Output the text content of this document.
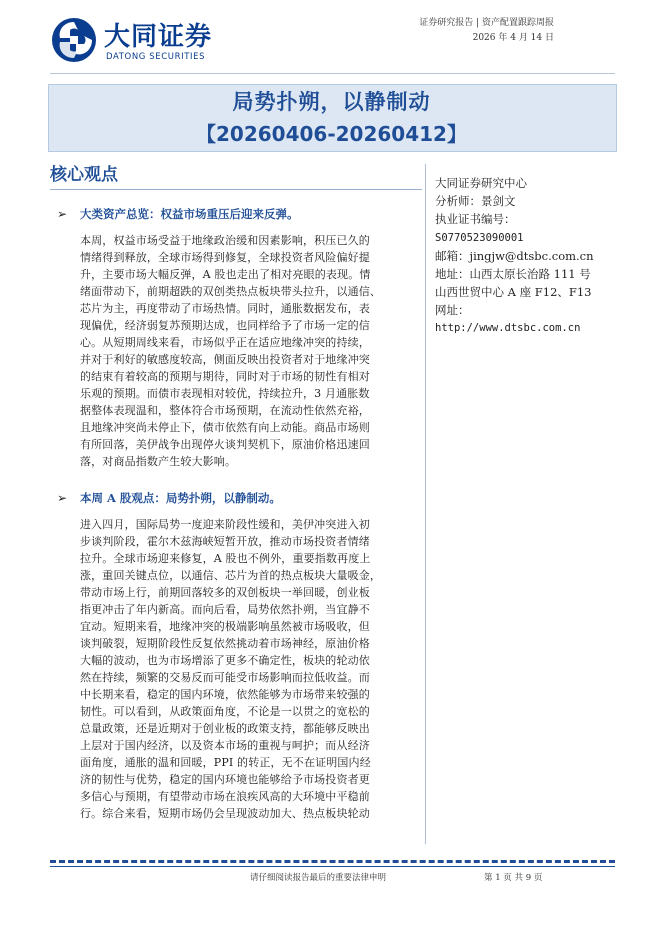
大同证券
DATONG SECURITIES
证券研究报告 | 资产配置跟踪周报
2026 年 4 月 14 日
局势扑朔，以静制动
【20260406-20260412】
核心观点
➢ 大类资产总览：权益市场重压后迎来反弹。
本周，权益市场受益于地缘政治缓和因素影响，积压已久的
情绪得到释放，全球市场得到修复，全球投资者风险偏好提
升，主要市场大幅反弹，A 股也走出了相对亮眼的表现。情
绪面带动下，前期超跌的双创类热点板块带头拉升，以通信、
芯片为主，再度带动了市场热情。同时，通胀数据发布，表
现偏优，经济弱复苏预期达成，也同样给予了市场一定的信
心。从短期周线来看，市场似乎正在适应地缘冲突的持续，
并对于利好的敏感度较高，侧面反映出投资者对于地缘冲突
的结束有着较高的预期与期待，同时对于市场的韧性有相对
乐观的预期。而债市表现相对较优，持续拉升，3 月通胀数
据整体表现温和，整体符合市场预期，在流动性依然充裕，
且地缘冲突尚未停止下，债市依然有向上动能。商品市场则
有所回落，美伊战争出现停火谈判契机下，原油价格迅速回
落，对商品指数产生较大影响。
➢ 本周 A 股观点：局势扑朔，以静制动。
进入四月，国际局势一度迎来阶段性缓和，美伊冲突进入初
步谈判阶段，霍尔木兹海峡短暂开放，推动市场投资者情绪
拉升。全球市场迎来修复，A 股也不例外，重要指数再度上
涨，重回关键点位，以通信、芯片为首的热点板块大量吸金，
带动市场上行，前期回落较多的双创板块一举回暖，创业板
指更冲击了年内新高。而向后看，局势依然扑朔，当宜静不
宜动。短期来看，地缘冲突的极端影响虽然被市场吸收，但
谈判破裂，短期阶段性反复依然挑动着市场神经，原油价格
大幅的波动，也为市场增添了更多不确定性，板块的轮动依
然在持续，频繁的交易反而可能受市场影响而拉低收益。而
中长期来看，稳定的国内环境，依然能够为市场带来较强的
韧性。可以看到，从政策面角度，不论是一以贯之的宽松的
总量政策，还是近期对于创业板的政策支持，都能够反映出
上层对于国内经济，以及资本市场的重视与呵护；而从经济
面角度，通胀的温和回暖，PPI 的转正，无不在证明国内经
济的韧性与优势，稳定的国内环境也能够给予市场投资者更
多信心与预期，有望带动市场在浪疾风高的大环境中平稳前
行。综合来看，短期市场仍会呈现波动加大、热点板块轮动
大同证券研究中心
分析师：景剑文
执业证书编号：
S0770523090001
邮箱：jingjw@dtsbc.com.cn
地址：山西太原长治路 111 号
山西世贸中心 A 座 F12、F13
网址：
http://www.dtsbc.com.cn
请仔细阅读报告最后的重要法律申明	第 1 页 共 9 页
